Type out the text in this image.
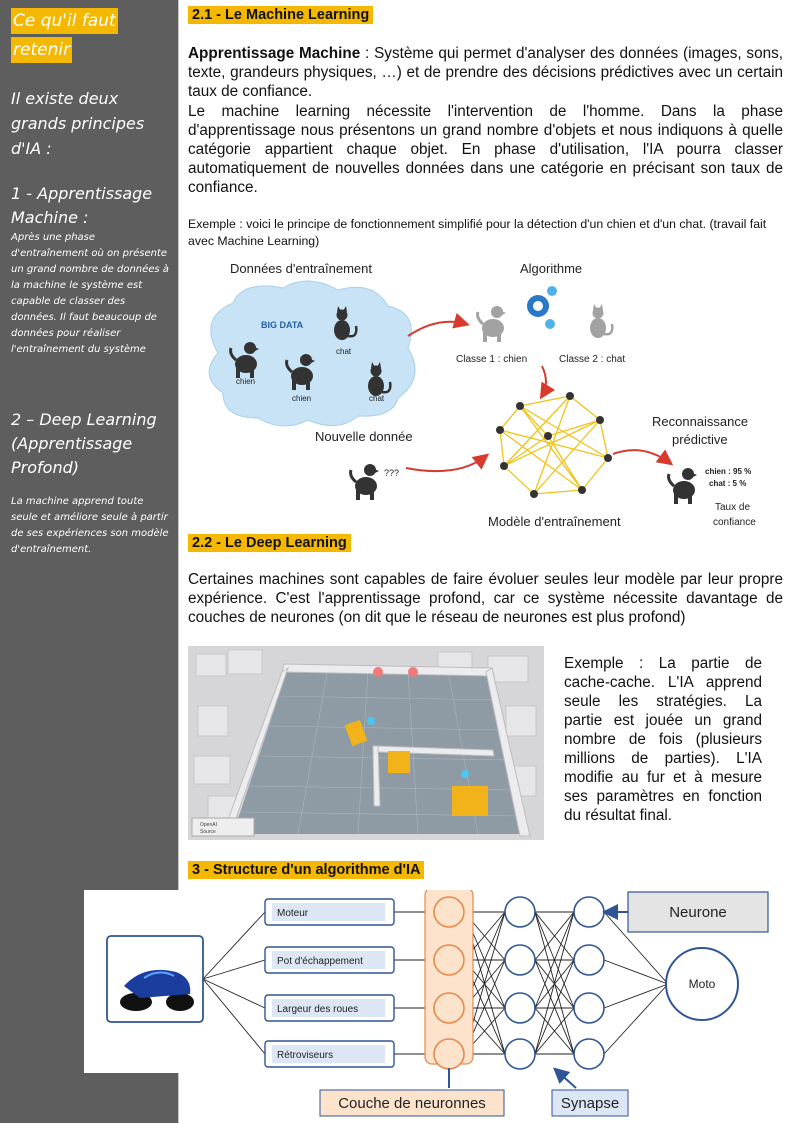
Ce qu'il faut
retenir
Il existe deux grands principes d'IA :
1 - Apprentissage Machine :
Après une phase d'entraînement où on présente un grand nombre de données à la machine le système est capable de classer des données. Il faut beaucoup de données pour réaliser l'entraînement du système
2 – Deep Learning (Apprentissage Profond)
La machine apprend toute seule et améliore seule à partir de ses expériences son modèle d'entraînement.
2.1 - Le Machine Learning
Apprentissage Machine : Système qui permet d'analyser des données (images, sons, texte, grandeurs physiques, …) et de prendre des décisions prédictives avec un certain taux de confiance.
Le machine learning nécessite l'intervention de l'homme. Dans la phase d'apprentissage nous présentons un grand nombre d'objets et nous indiquons à quelle catégorie appartient chaque objet. En phase d'utilisation, l'IA pourra classer automatiquement de nouvelles données dans une catégorie en précisant son taux de confiance.
Exemple : voici le principe de fonctionnement simplifié pour la détection d'un chien et d'un chat. (travail fait avec Machine Learning)
Données d'entraînement	Algorithme
BIG DATA
chien
chien
chat
chat
Classe 1 : chien	Classe 2 : chat
Nouvelle donnée
???
Modèle d'entraînement
Reconnaissance
prédictive
chien : 95 %
chat : 5 %
Taux de
confiance
2.2 - Le Deep Learning
Certaines machines sont capables de faire évoluer seules leur modèle par leur propre expérience. C'est l'apprentissage profond, car ce système nécessite davantage de couches de neurones (on dit que le réseau de neurones est plus profond)
OpenAI
Source
Exemple : La partie de cache-cache. L'IA apprend seule les stratégies. La partie est jouée un grand nombre de fois (plusieurs millions de parties). L'IA modifie au fur et à mesure ses paramètres en fonction du résultat final.
3 - Structure d'un algorithme d'IA
Moteur
Pot d'échappement
Largeur des roues
Rétroviseurs
Moto
Neurone
Couche de neuronnes	Synapse
